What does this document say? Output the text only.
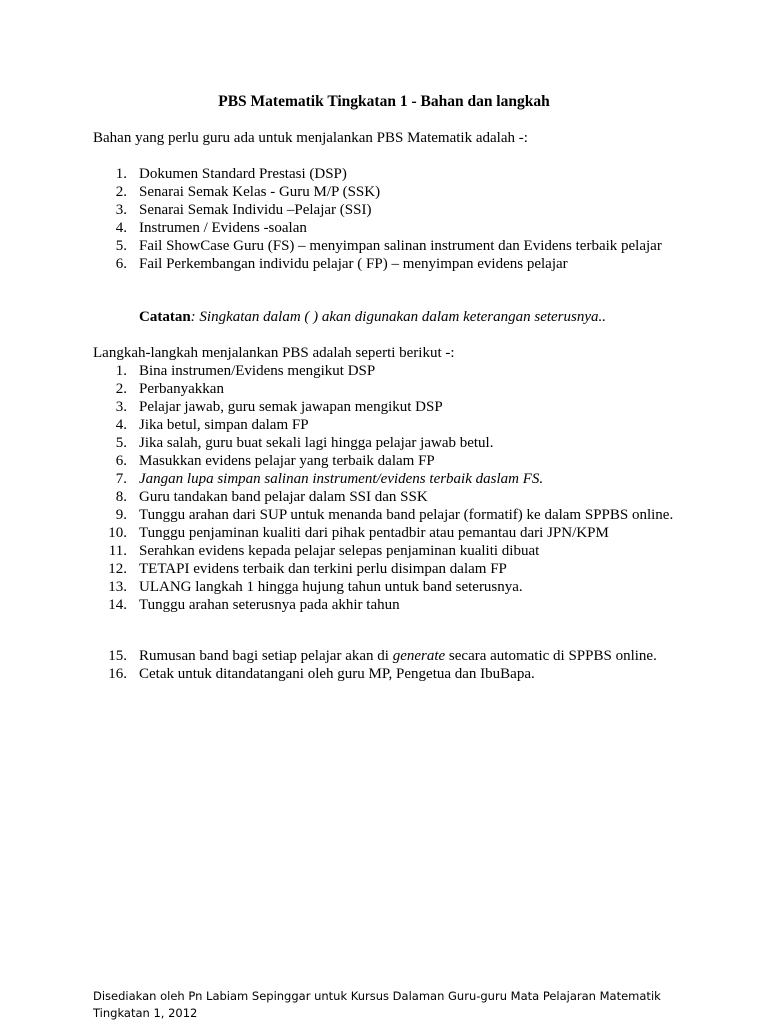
PBS Matematik Tingkatan 1 - Bahan dan langkah
Bahan yang perlu guru ada untuk menjalankan PBS Matematik adalah -:
1. Dokumen Standard Prestasi (DSP)
2. Senarai Semak Kelas - Guru M/P (SSK)
3. Senarai Semak Individu –Pelajar (SSI)
4. Instrumen / Evidens -soalan
5. Fail ShowCase Guru (FS) – menyimpan salinan instrument dan Evidens terbaik pelajar
6. Fail Perkembangan individu pelajar ( FP) – menyimpan evidens pelajar
Catatan: Singkatan dalam ( ) akan digunakan dalam keterangan seterusnya..
Langkah-langkah menjalankan PBS adalah seperti berikut -:
1. Bina instrumen/Evidens mengikut DSP
2. Perbanyakkan
3. Pelajar jawab, guru semak jawapan mengikut DSP
4. Jika betul, simpan dalam FP
5. Jika salah, guru buat sekali lagi hingga pelajar jawab betul.
6. Masukkan evidens pelajar yang terbaik dalam FP
7. Jangan lupa simpan salinan instrument/evidens terbaik daslam FS.
8. Guru tandakan band pelajar dalam SSI dan SSK
9. Tunggu arahan dari SUP untuk menanda band pelajar (formatif) ke dalam SPPBS online.
10. Tunggu penjaminan kualiti dari pihak pentadbir atau pemantau dari JPN/KPM
11. Serahkan evidens kepada pelajar selepas penjaminan kualiti dibuat
12. TETAPI evidens terbaik dan terkini perlu disimpan dalam FP
13. ULANG langkah 1 hingga hujung tahun untuk band seterusnya.
14. Tunggu arahan seterusnya pada akhir tahun
15. Rumusan band bagi setiap pelajar akan di generate secara automatic di SPPBS online.
16. Cetak untuk ditandatangani oleh guru MP, Pengetua dan IbuBapa.
Disediakan oleh Pn Labiam Sepinggar untuk Kursus Dalaman Guru-guru Mata Pelajaran Matematik Tingkatan 1, 2012
